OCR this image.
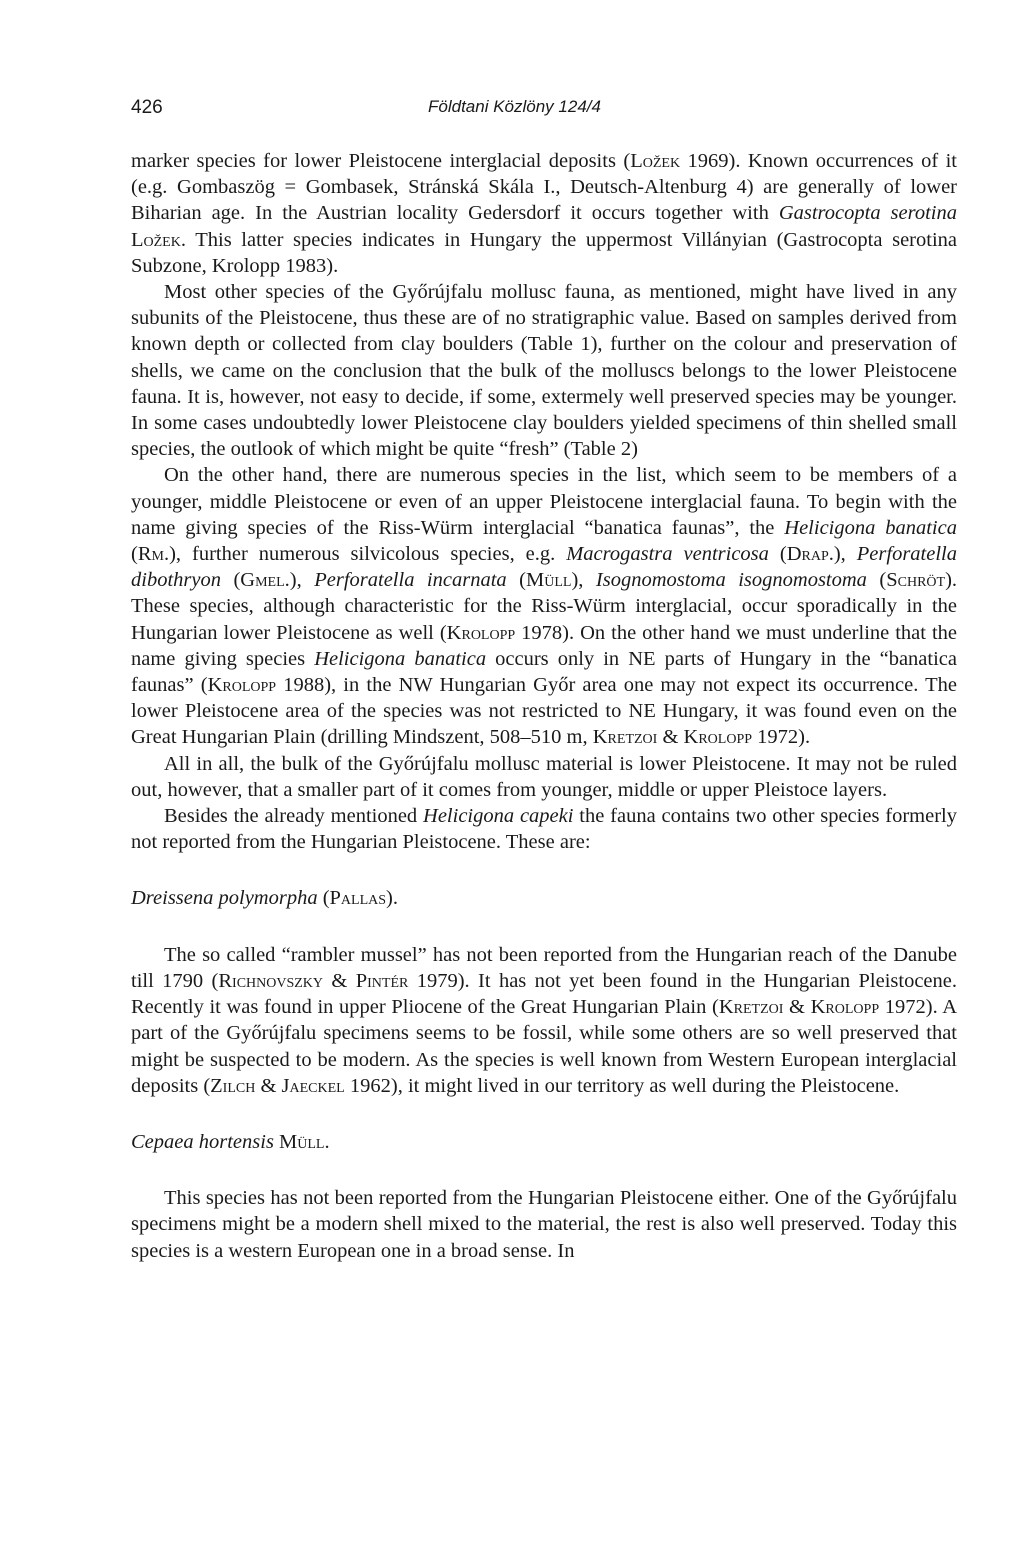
426	Földtani Közlöny 124/4

marker species for lower Pleistocene interglacial deposits (Ložek 1969). Known occurrences of it (e.g. Gombaszög = Gombasek, Stránská Skála I., Deutsch-Altenburg 4) are generally of lower Biharian age. In the Austrian locality Gedersdorf it occurs together with Gastrocopta serotina Ložek. This latter species indicates in Hungary the uppermost Villányian (Gastrocopta serotina Subzone, Krolopp 1983).

Most other species of the Győrújfalu mollusc fauna, as mentioned, might have lived in any subunits of the Pleistocene, thus these are of no stratigraphic value. Based on samples derived from known depth or collected from clay boulders (Table 1), further on the colour and preservation of shells, we came on the conclusion that the bulk of the molluscs belongs to the lower Pleistocene fauna. It is, however, not easy to decide, if some, extermely well preserved species may be younger. In some cases undoubtedly lower Pleistocene clay boulders yielded specimens of thin shelled small species, the outlook of which might be quite “fresh” (Table 2)

On the other hand, there are numerous species in the list, which seem to be members of a younger, middle Pleistocene or even of an upper Pleistocene interglacial fauna. To begin with the name giving species of the Riss-Würm interglacial “banatica faunas”, the Helicigona banatica (Rm.), further numerous silvicolous species, e.g. Macrogastra ventricosa (Drap.), Perforatella dibothryon (Gmel.), Perforatella incarnata (Müll), Isognomostoma isognomostoma (Schröt). These species, although characteristic for the Riss-Würm interglacial, occur sporadically in the Hungarian lower Pleistocene as well (Krolopp 1978). On the other hand we must underline that the name giving species Helicigona banatica occurs only in NE parts of Hungary in the “banatica faunas” (Krolopp 1988), in the NW Hungarian Győr area one may not expect its occurrence. The lower Pleistocene area of the species was not restricted to NE Hungary, it was found even on the Great Hungarian Plain (drilling Mindszent, 508–510 m, Kretzoi & Krolopp 1972).

All in all, the bulk of the Győrújfalu mollusc material is lower Pleistocene. It may not be ruled out, however, that a smaller part of it comes from younger, middle or upper Pleistoce layers.

Besides the already mentioned Helicigona capeki the fauna contains two other species formerly not reported from the Hungarian Pleistocene. These are:

Dreissena polymorpha (Pallas).

The so called “rambler mussel” has not been reported from the Hungarian reach of the Danube till 1790 (Richnovszky & Pintér 1979). It has not yet been found in the Hungarian Pleistocene. Recently it was found in upper Pliocene of the Great Hungarian Plain (Kretzoi & Krolopp 1972). A part of the Győrújfalu specimens seems to be fossil, while some others are so well preserved that might be suspected to be modern. As the species is well known from Western European interglacial deposits (Zilch & Jaeckel 1962), it might lived in our territory as well during the Pleistocene.

Cepaea hortensis Müll.

This species has not been reported from the Hungarian Pleistocene either. One of the Győrújfalu specimens might be a modern shell mixed to the material, the rest is also well preserved. Today this species is a western European one in a broad sense. In
